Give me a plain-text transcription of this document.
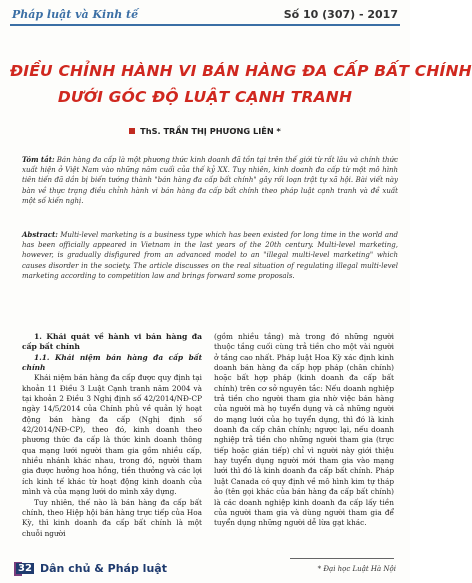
Pháp luật và Kinh tế	Số 10 (307) - 2017
ĐIỀU CHỈNH HÀNH VI BÁN HÀNG ĐA CẤP BẤT CHÍNH
DƯỚI GÓC ĐỘ LUẬT CẠNH TRANH
ThS. TRẦN THỊ PHƯƠNG LIÊN *
Tóm tắt: Bán hàng đa cấp là một phương thức kinh doanh đã tồn tại trên thế giới từ rất lâu và chính thức xuất hiện ở Việt Nam vào những năm cuối của thế kỷ XX. Tuy nhiên, kinh doanh đa cấp từ một mô hình tiên tiến đã dần bị biến tướng thành "bán hàng đa cấp bất chính" gây rối loạn trật tự xã hội. Bài viết này bàn về thực trạng điều chỉnh hành vi bán hàng đa cấp bất chính theo pháp luật cạnh tranh và đề xuất một số kiến nghị.
Abstract: Multi-level marketing is a business type which has been existed for long time in the world and has been officially appeared in Vietnam in the last years of the 20th century. Multi-level marketing, however, is gradually disfigured from an advanced model to an "illegal multi-level marketing" which causes disorder in the society. The article discusses on the real situation of regulating illegal multi-level marketing according to competition law and brings forward some proposals.

1. Khái quát về hành vi bán hàng đa cấp bất chính

1.1. Khái niệm bán hàng đa cấp bất chính

Khái niệm bán hàng đa cấp được quy định tại khoản 11 Điều 3 Luật Cạnh tranh năm 2004 và tại khoản 2 Điều 3 Nghị định số 42/2014/NĐ-CP ngày 14/5/2014 của Chính phủ về quản lý hoạt động bán hàng đa cấp (Nghị định số 42/2014/NĐ-CP), theo đó, kinh doanh theo phương thức đa cấp là thức kinh doanh thông qua mạng lưới người tham gia gồm nhiều cấp, nhiều nhánh khác nhau, trong đó, người tham gia được hưởng hoa hồng, tiền thưởng và các lợi ích kinh tế khác từ hoạt động kinh doanh của mình và của mạng lưới do mình xây dựng.

Tuy nhiên, thế nào là bán hàng đa cấp bất chính, theo Hiệp hội bán hàng trực tiếp của Hoa Kỳ, thì kinh doanh đa cấp bất chính là một chuỗi người

(gồm nhiều tầng) mà trong đó những người thuộc tầng cuối cùng trả tiền cho một vài người ở tầng cao nhất. Pháp luật Hoa Kỳ xác định kinh doanh bán hàng đa cấp hợp pháp (chân chính) hoặc bất hợp pháp (kinh doanh đa cấp bất chính) trên cơ sở nguyên tắc: Nếu doanh nghiệp trả tiền cho người tham gia nhờ việc bán hàng của người mà họ tuyển dụng và cả những người do mạng lưới của họ tuyển dụng, thì đó là kinh doanh đa cấp chân chính; ngược lại, nếu doanh nghiệp trả tiền cho những người tham gia (trực tiếp hoặc gián tiếp) chỉ vì người này giới thiệu hay tuyển dụng người mới tham gia vào mạng lưới thì đó là kinh doanh đa cấp bất chính. Pháp luật Canada có quy định về mô hình kim tự tháp ảo (tên gọi khác của bán hàng đa cấp bất chính) là các doanh nghiệp kinh doanh đa cấp lấy tiền của người tham gia và dùng người tham gia để tuyển dụng những người dễ lừa gạt khác.

32 Dân chủ & Pháp luật	* Đại học Luật Hà Nội
